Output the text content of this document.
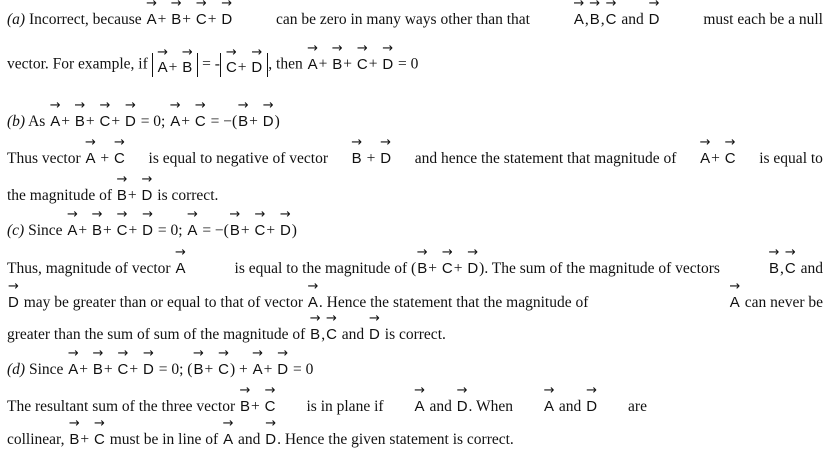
(a) Incorrect, because → A+ → B+ → C+ → D	can be zero in many ways other than that	→ A,→ B,→ C and → D	must each be a null
vector. For example, if → A+ → B = - → C+ → D , then → A+ → B+ → C+ → D = 0
(b) As → A+ → B+ → C+ → D = 0; → A+ → C = −(→ B+ → D)
Thus vector → A + → C is equal to negative of vector → B + → D and hence the statement that magnitude of → A+ → C is equal to
the magnitude of → B+ → D is correct.
(c) Since → A+ → B+ → C+ → D = 0; → A = −(→ B+ → C+ → D)
Thus, magnitude of vector → A	is equal to the magnitude of (→ B+ → C+ → D). The sum of the magnitude of vectors	→ B,→ C and
→ D may be greater than or equal to that of vector → A. Hence the statement that the magnitude of	→ A can never be
greater than the sum of sum of the magnitude of → B,→ C and → D is correct.
(d) Since → A+ → B+ → C+ → D = 0; (→ B+ → C) + → A+ → D = 0
The resultant sum of the three vector → B+ → C is in plane if → A and → D. When → A and → D are
collinear, → B+ → C must be in line of → A and → D. Hence the given statement is correct.
